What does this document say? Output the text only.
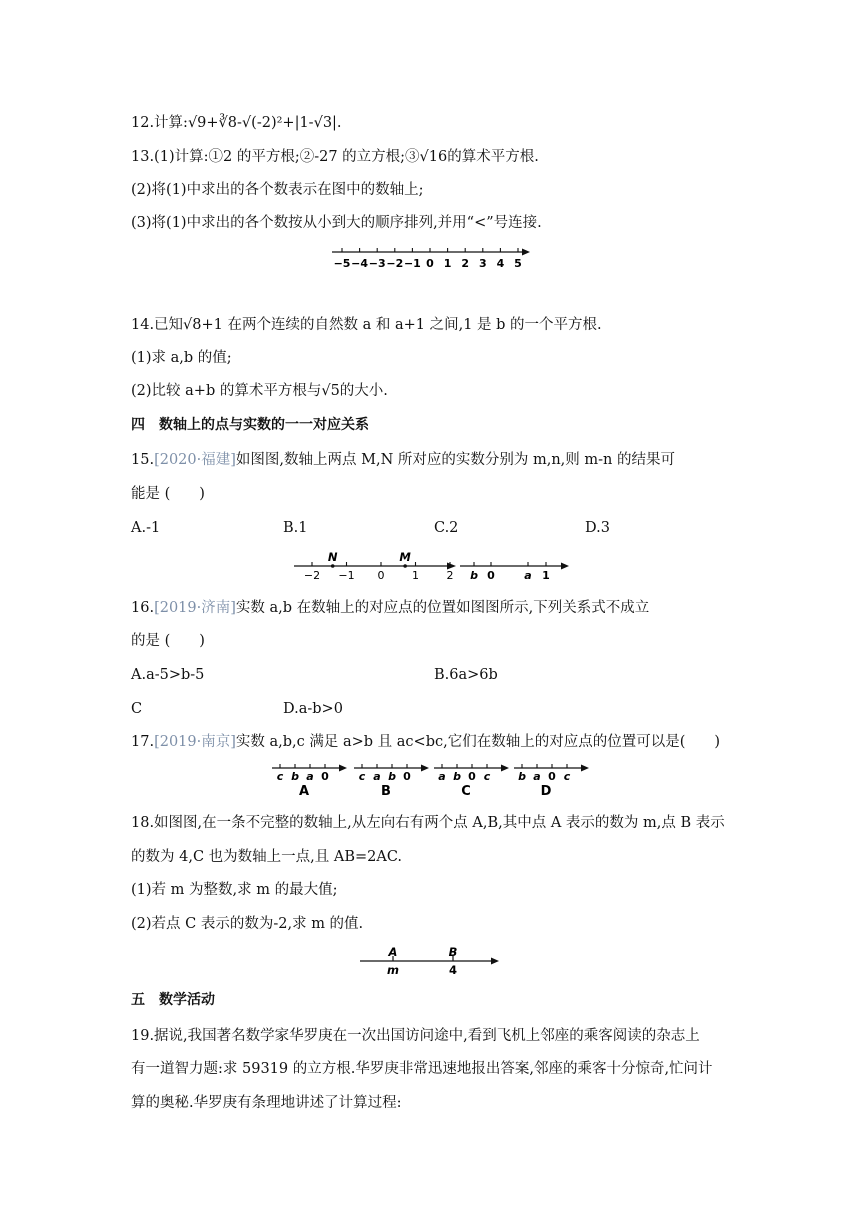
12.计算:√9+∛8-√(-2)²+|1-√3|.
13.(1)计算:①2 的平方根;②-27 的立方根;③√16的算术平方根.
(2)将(1)中求出的各个数表示在图中的数轴上;
(3)将(1)中求出的各个数按从小到大的顺序排列,并用“<”号连接.
−5 −4 −3 −2 −1 0 1 2 3 4 5
14.已知√8+1 在两个连续的自然数 a 和 a+1 之间,1 是 b 的一个平方根.
(1)求 a,b 的值;
(2)比较 a+b 的算术平方根与√5的大小.
四　数轴上的点与实数的一一对应关系
15.[2020·福建]如图图,数轴上两点 M,N 所对应的实数分别为 m,n,则 m-n 的结果可
能是 (　　)
A.-1	B.1	C.2	D.3
−2 −1 0	1	2
N	M
b 0	a 1
16.[2019·济南]实数 a,b 在数轴上的对应点的位置如图图所示,下列关系式不成立
的是 (　　)
A.a-5>b-5	B.6a>6b
C	D.a-b>0
17.[2019·南京]实数 a,b,c 满足 a>b 且 ac<bc,它们在数轴上的对应点的位置可以是(　　)
c b a 0
A
c a b 0
B
a b 0 c
C
b a 0 c
D
18.如图图,在一条不完整的数轴上,从左向右有两个点 A,B,其中点 A 表示的数为 m,点 B 表示
的数为 4,C 也为数轴上一点,且 AB=2AC.
(1)若 m 为整数,求 m 的最大值;
(2)若点 C 表示的数为-2,求 m 的值.
A	B
m	4
五　数学活动
19.据说,我国著名数学家华罗庚在一次出国访问途中,看到飞机上邻座的乘客阅读的杂志上
有一道智力题:求 59319 的立方根.华罗庚非常迅速地报出答案,邻座的乘客十分惊奇,忙问计
算的奥秘.华罗庚有条理地讲述了计算过程:
